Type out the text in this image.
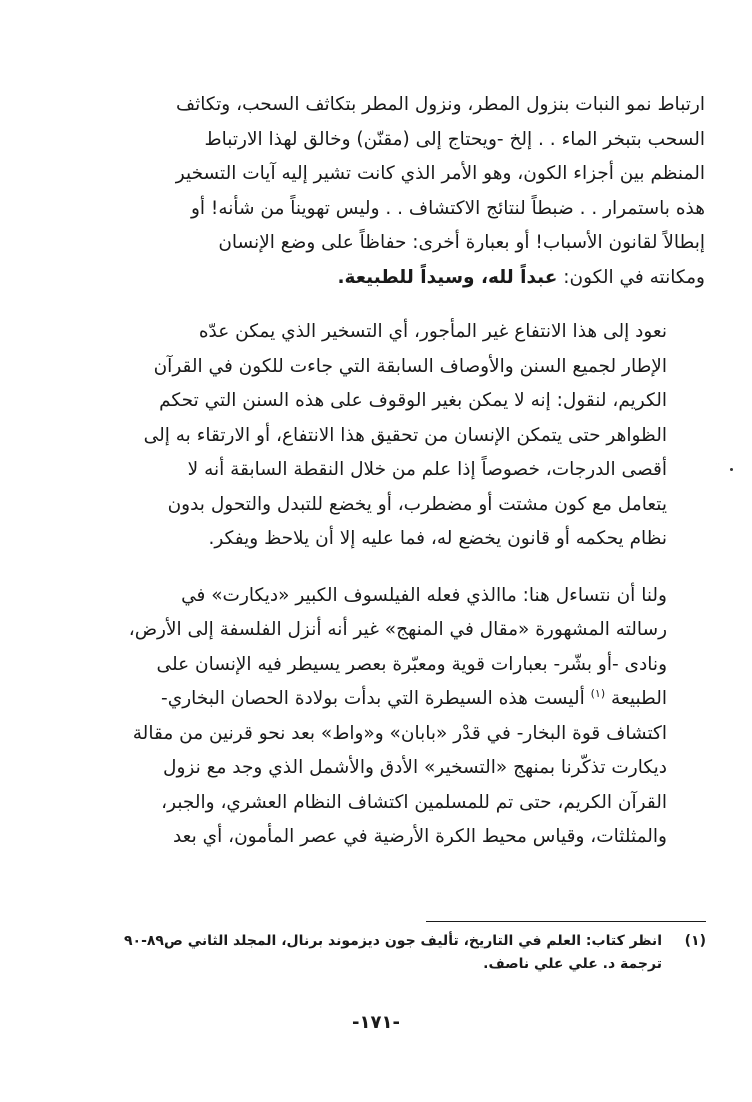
ارتباط نمو النبات بنزول المطر، ونزول المطر بتكاثف السحب، وتكاثف
السحب بتبخر الماء . . إلخ -ويحتاج إلى (مقنّن) وخالق لهذا الارتباط
المنظم بين أجزاء الكون، وهو الأمر الذي كانت تشير إليه آيات التسخير
هذه باستمرار . . ضبطاً لنتائج الاكتشاف . . وليس تهويناً من شأنه! أو
إبطالاً لقانون الأسباب! أو بعبارة أخرى: حفاظاً على وضع الإنسان
ومكانته في الكون: عبداً لله، وسيداً للطبيعة.

نعود إلى هذا الانتفاع غير المأجور، أي التسخير الذي يمكن عدّه
الإطار لجميع السنن والأوصاف السابقة التي جاءت للكون في القرآن
الكريم، لنقول: إنه لا يمكن بغير الوقوف على هذه السنن التي تحكم
الظواهر حتى يتمكن الإنسان من تحقيق هذا الانتفاع، أو الارتقاء به إلى
أقصى الدرجات، خصوصاً إذا علم من خلال النقطة السابقة أنه لا
يتعامل مع كون مشتت أو مضطرب، أو يخضع للتبدل والتحول بدون
نظام يحكمه أو قانون يخضع له، فما عليه إلا أن يلاحظ ويفكر.

ولنا أن نتساءل هنا: ماالذي فعله الفيلسوف الكبير «ديكارت» في
رسالته المشهورة «مقال في المنهج» غير أنه أنزل الفلسفة إلى الأرض،
ونادى -أو بشّر- بعبارات قوية ومعبّرة بعصر يسيطر فيه الإنسان على
الطبيعة $^{(١)}$ أليست هذه السيطرة التي بدأت بولادة الحصان البخاري-
اكتشاف قوة البخار- في قدْر «بابان» و«واط» بعد نحو قرنين من مقالة
ديكارت تذكّرنا بمنهج «التسخير» الأدق والأشمل الذي وجد مع نزول
القرآن الكريم، حتى تم للمسلمين اكتشاف النظام العشري، والجبر،
والمثلثات، وقياس محيط الكرة الأرضية في عصر المأمون، أي بعد

(١)
انظر كتاب: العلم في التاريخ، تأليف جون ديزموند برنال، المجلد الثاني ص٨٩-٩٠
ترجمة د. علي علي ناصف.
-١٧١-
